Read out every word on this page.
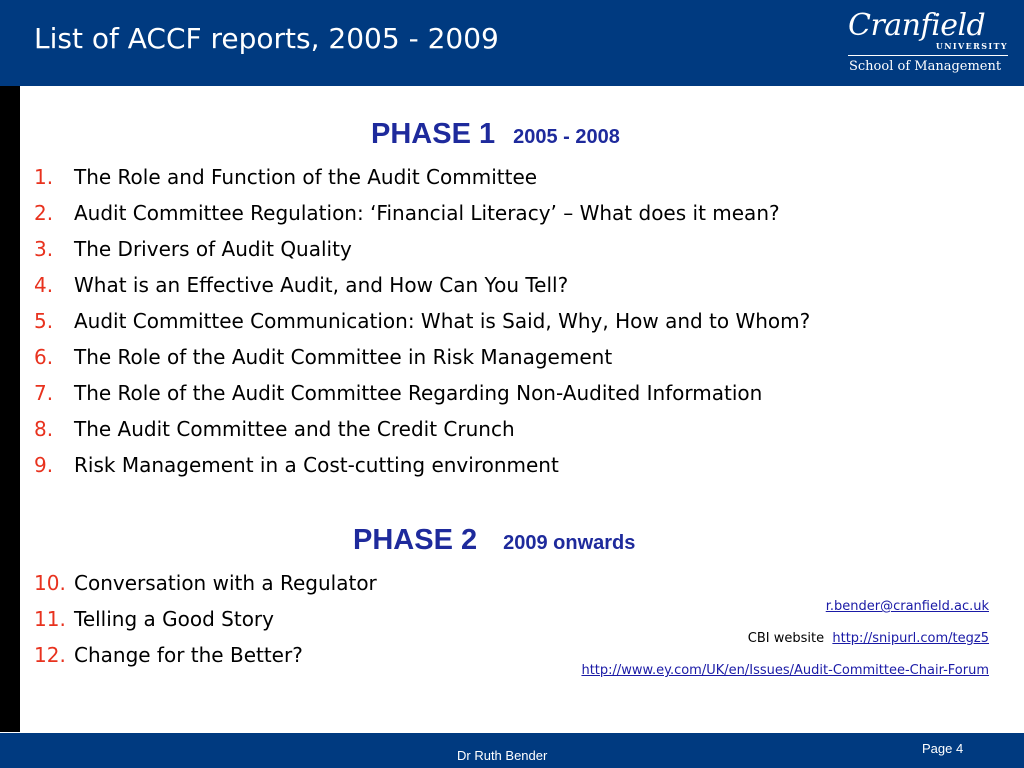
List of ACCF reports, 2005 - 2009	Cranfield
UNIVERSITY
School of Management
PHASE 1 2005 - 2008
1. The Role and Function of the Audit Committee
2. Audit Committee Regulation: ‘Financial Literacy’ – What does it mean?
3. The Drivers of Audit Quality
4. What is an Effective Audit, and How Can You Tell?
5. Audit Committee Communication: What is Said, Why, How and to Whom?
6. The Role of the Audit Committee in Risk Management
7. The Role of the Audit Committee Regarding Non-Audited Information
8. The Audit Committee and the Credit Crunch
9. Risk Management in a Cost-cutting environment
PHASE 2 2009 onwards
10. Conversation with a Regulator
11. Telling a Good Story
12. Change for the Better?
r.bender@cranfield.ac.uk
CBI website http://snipurl.com/tegz5
http://www.ey.com/UK/en/Issues/Audit-Committee-Chair-Forum
Dr Ruth Bender	Page 4
